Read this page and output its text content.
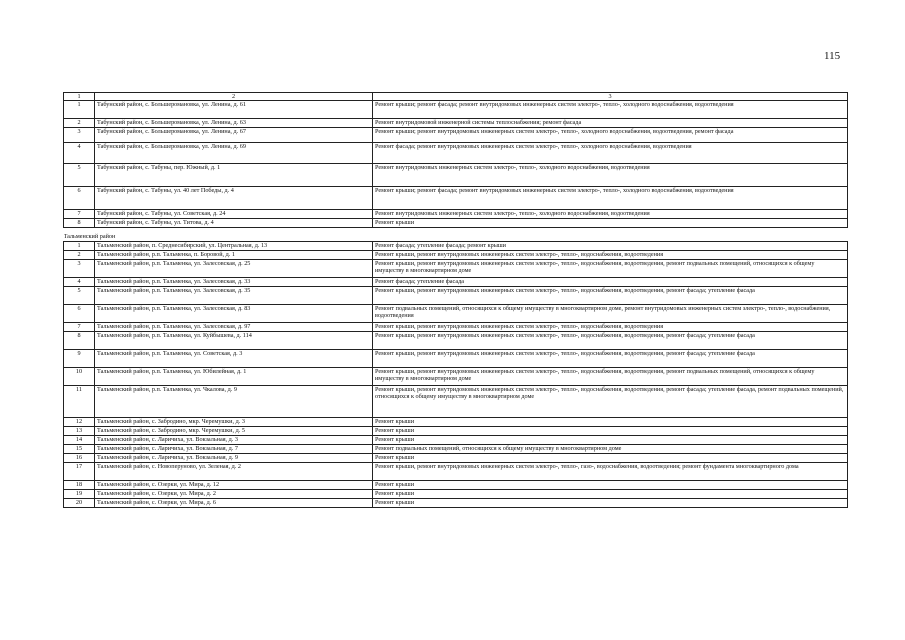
115
1	2	3
1	Табунский район, с. Большеромановка, ул. Ленина, д. 61	Ремонт крыши; ремонт фасада; ремонт внутридомовых инженерных систем электро-, тепло-, холодного водоснабжения, водоотведения
2	Табунский район, с. Большеромановка, ул. Ленина, д. 63	Ремонт внутридомовой инженерной системы теплоснабжения; ремонт фасада
3	Табунский район, с. Большеромановка, ул. Ленина, д. 67	Ремонт крыши; ремонт внутридомовых инженерных систем электро-, тепло-, холодного водоснабжения, водоотведения, ремонт фасада
4	Табунский район, с. Большеромановка, ул. Ленина, д. 69	Ремонт фасада; ремонт внутридомовых инженерных систем электро-, тепло-, холодного водоснабжения, водоотведения
5	Табунский район, с. Табуны, пер. Южный, д. 1	Ремонт внутридомовых инженерных систем электро-, тепло-, холодного водоснабжения, водоотведения
6	Табунский район, с. Табуны, ул. 40 лет Победы, д. 4	Ремонт крыши; ремонт фасада; ремонт внутридомовых инженерных систем электро-, тепло-, холодного водоснабжения, водоотведения
7	Табунский район, с. Табуны, ул. Советская, д. 24	Ремонт внутридомовых инженерных систем электро-, тепло-, холодного водоснабжения, водоотведения
8	Табунский район, с. Табуны, ул. Титова, д. 4	Ремонт крыши
Тальменский район		
1	Тальменский район, п. Среднесибирский, ул. Центральная, д. 13	Ремонт фасада; утепление фасада; ремонт крыши
2	Тальменский район, р.п. Тальменка, п. Боровой, д. 1	Ремонт крыши, ремонт внутридомовых инженерных систем электро-, тепло-, водоснабжения, водоотведения
3	Тальменский район, р.п. Тальменка, ул. Залесовская, д. 25	Ремонт крыши, ремонт внутридомовых инженерных систем электро-, тепло-, водоснабжения, водоотведения, ремонт подвальных помещений, относящихся к общему имуществу в многоквартирном доме
4	Тальменский район, р.п. Тальменка, ул. Залесовская, д. 33	Ремонт фасада; утепление фасада
5	Тальменский район, р.п. Тальменка, ул. Залесовская, д. 35	Ремонт крыши, ремонт внутридомовых инженерных систем электро-, тепло-, водоснабжения, водоотведения, ремонт фасада; утепление фасада
6	Тальменский район, р.п. Тальменка, ул. Залесовская, д. 83	Ремонт подвальных помещений, относящихся к общему имуществу в многоквартирном доме, ремонт внутридомовых инженерных систем электро-, тепло-, водоснабжения, водоотведения
7	Тальменский район, р.п. Тальменка, ул. Залесовская, д. 97	Ремонт крыши, ремонт внутридомовых инженерных систем электро-, тепло-, водоснабжения, водоотведения
8	Тальменский район, р.п. Тальменка, ул. Куйбышева, д. 114	Ремонт крыши, ремонт внутридомовых инженерных систем электро-, тепло-, водоснабжения, водоотведения, ремонт фасада; утепление фасада
9	Тальменский район, р.п. Тальменка, ул. Советская, д. 3	Ремонт крыши, ремонт внутридомовых инженерных систем электро-, тепло-, водоснабжения, водоотведения, ремонт фасада; утепление фасада
10	Тальменский район, р.п. Тальменка, ул. Юбилейная, д. 1	Ремонт крыши, ремонт внутридомовых инженерных систем электро-, тепло-, водоснабжения, водоотведения, ремонт подвальных помещений, относящихся к общему имуществу в многоквартирном доме
11	Тальменский район, р.п. Тальменка, ул. Чкалова, д. 9	Ремонт крыши, ремонт внутридомовых инженерных систем электро-, тепло-, водоснабжения, водоотведения, ремонт фасада; утепление фасада, ремонт подвальных помещений, относящихся к общему имуществу в многоквартирном доме
12	Тальменский район, с. Забродино, мкр. Черемушки, д. 3	Ремонт крыши
13	Тальменский район, с. Забродино, мкр. Черемушки, д. 5	Ремонт крыши
14	Тальменский район, с. Ларичиха, ул. Вокзальная, д. 3	Ремонт крыши
15	Тальменский район, с. Ларичиха, ул. Вокзальная, д. 7	Ремонт подвальных помещений, относящихся к общему имуществу в многоквартирном доме
16	Тальменский район, с. Ларичиха, ул. Вокзальная, д. 9	Ремонт крыши
17	Тальменский район, с. Новоперуново, ул. Зеленая, д. 2	Ремонт крыши, ремонт внутридомовых инженерных систем электро-, тепло-, газо-, водоснабжения, водоотведения; ремонт фундамента многоквартирного дома
18	Тальменский район, с. Озерки, ул. Мира, д. 12	Ремонт крыши
19	Тальменский район, с. Озерки, ул. Мира, д. 2	Ремонт крыши
20	Тальменский район, с. Озерки, ул. Мира, д. 6	Ремонт крыши
